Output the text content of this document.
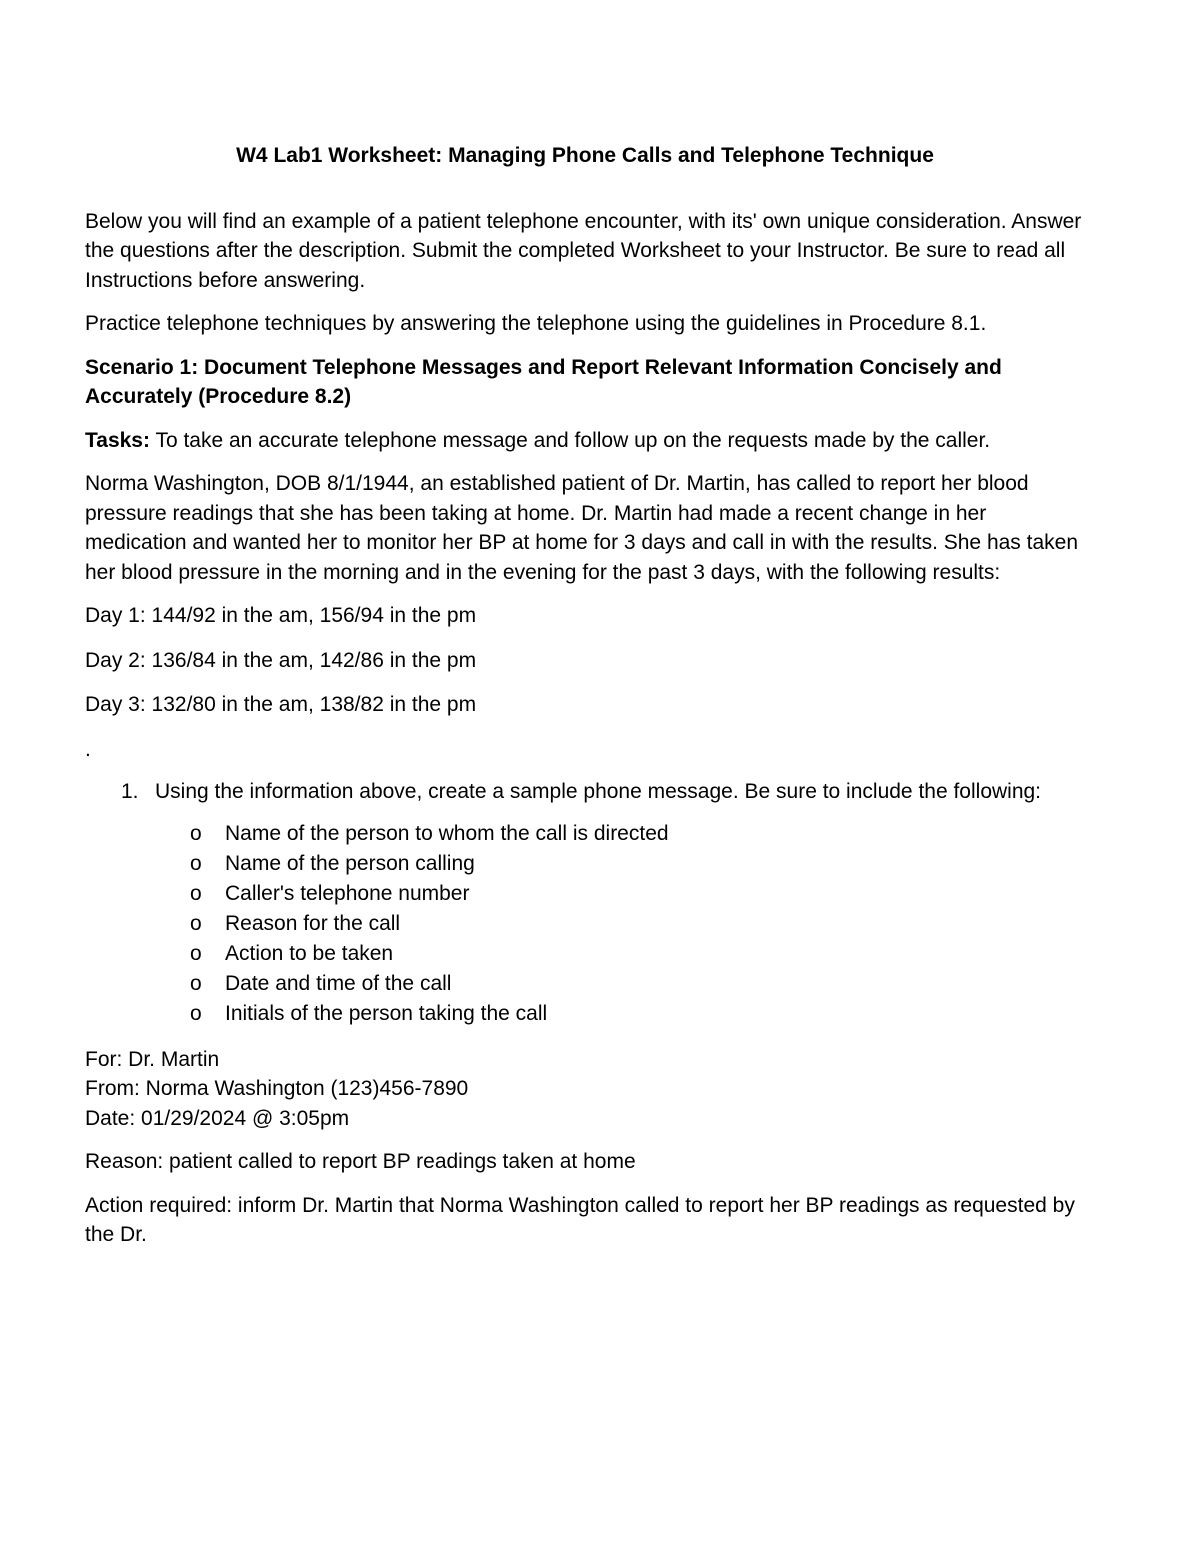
W4 Lab1 Worksheet: Managing Phone Calls and Telephone Technique

Below you will find an example of a patient telephone encounter, with its' own unique consideration. Answer the questions after the description. Submit the completed Worksheet to your Instructor. Be sure to read all Instructions before answering.

Practice telephone techniques by answering the telephone using the guidelines in Procedure 8.1.

Scenario 1: Document Telephone Messages and Report Relevant Information Concisely and Accurately (Procedure 8.2)

Tasks: To take an accurate telephone message and follow up on the requests made by the caller.

Norma Washington, DOB 8/1/1944, an established patient of Dr. Martin, has called to report her blood pressure readings that she has been taking at home. Dr. Martin had made a recent change in her medication and wanted her to monitor her BP at home for 3 days and call in with the results. She has taken her blood pressure in the morning and in the evening for the past 3 days, with the following results:

Day 1: 144/92 in the am, 156/94 in the pm

Day 2: 136/84 in the am, 142/86 in the pm

Day 3: 132/80 in the am, 138/82 in the pm

.

1. Using the information above, create a sample phone message. Be sure to include the following:
o Name of the person to whom the call is directed
o Name of the person calling
o Caller's telephone number
o Reason for the call
o Action to be taken
o Date and time of the call
o Initials of the person taking the call

For: Dr. Martin

From: Norma Washington (123)456-7890

Date: 01/29/2024 @ 3:05pm

Reason: patient called to report BP readings taken at home

Action required: inform Dr. Martin that Norma Washington called to report her BP readings as requested by the Dr.
